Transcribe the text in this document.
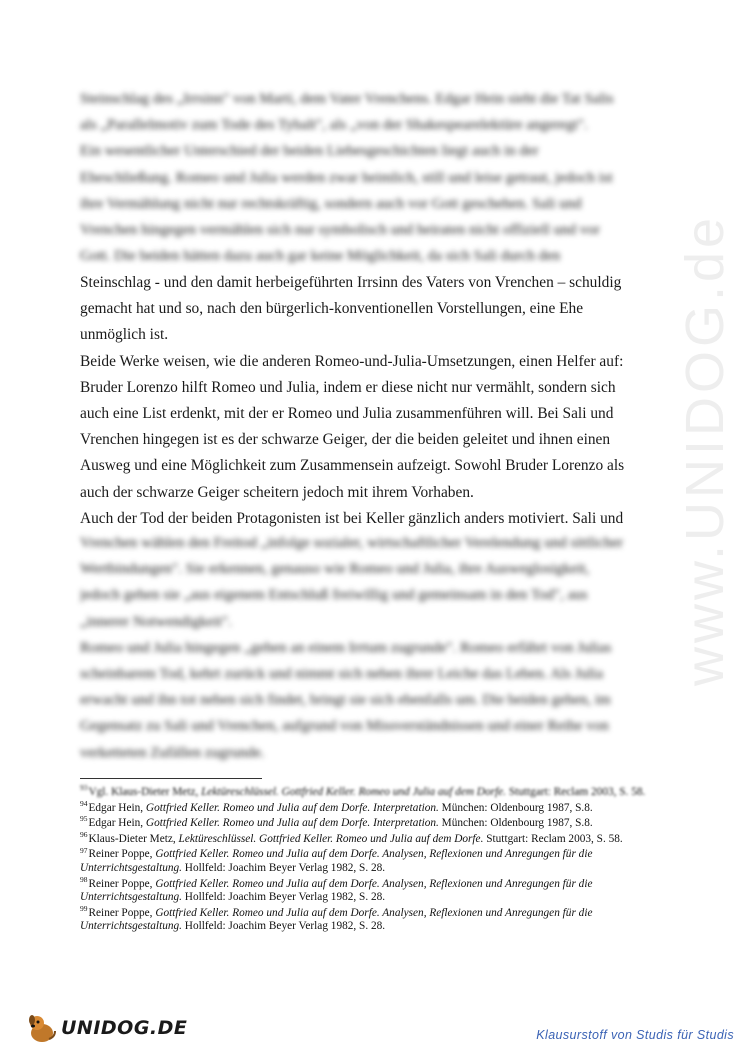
www.UNIDOG.de
Steinschlag des „Irrsinn" von Marti, dem Vater Vrenchens. Edgar Hein sieht die Tat Salis
als „Parallelmotiv zum Tode des Tybalt", als „von der Shakespearelektüre angeregt".
Ein wesentlicher Unterschied der beiden Liebesgeschichten liegt auch in der
Eheschließung. Romeo und Julia werden zwar heimlich, still und leise getraut, jedoch ist
ihre Vermählung nicht nur rechtskräftig, sondern auch vor Gott geschehen. Sali und
Vrenchen hingegen vermählen sich nur symbolisch und heiraten nicht offiziell und vor
Gott. Die beiden hätten dazu auch gar keine Möglichkeit, da sich Sali durch den
Steinschlag - und den damit herbeigeführten Irrsinn des Vaters von Vrenchen – schuldig
gemacht hat und so, nach den bürgerlich-konventionellen Vorstellungen, eine Ehe
unmöglich ist.
Beide Werke weisen, wie die anderen Romeo-und-Julia-Umsetzungen, einen Helfer auf:
Bruder Lorenzo hilft Romeo und Julia, indem er diese nicht nur vermählt, sondern sich
auch eine List erdenkt, mit der er Romeo und Julia zusammenführen will. Bei Sali und
Vrenchen hingegen ist es der schwarze Geiger, der die beiden geleitet und ihnen einen
Ausweg und eine Möglichkeit zum Zusammensein aufzeigt. Sowohl Bruder Lorenzo als
auch der schwarze Geiger scheitern jedoch mit ihrem Vorhaben.
Auch der Tod der beiden Protagonisten ist bei Keller gänzlich anders motiviert. Sali und
Vrenchen wählen den Freitod „infolge sozialer, wirtschaftlicher Verelendung und sittlicher
Wertbindungen". Sie erkennen, genauso wie Romeo und Julia, ihre Ausweglosigkeit,
jedoch gehen sie „aus eigenem Entschluß freiwillig und gemeinsam in den Tod", aus
„innerer Notwendigkeit".
Romeo und Julia hingegen „gehen an einem Irrtum zugrunde". Romeo erfährt von Julias
scheinbarem Tod, kehrt zurück und nimmt sich neben ihrer Leiche das Leben. Als Julia
erwacht und ihn tot neben sich findet, bringt sie sich ebenfalls um. Die beiden gehen, im
Gegensatz zu Sali und Vrenchen, aufgrund von Missverständnissen und einer Reihe von
verketteten Zufällen zugrunde.
$^{93}$Vgl. Klaus-Dieter Metz, Lektüreschlüssel. Gottfried Keller. Romeo und Julia auf dem Dorfe. Stuttgart: Reclam 2003, S. 58.
$^{94}$Edgar Hein, Gottfried Keller. Romeo und Julia auf dem Dorfe. Interpretation. München: Oldenbourg 1987, S.8.
$^{95}$Edgar Hein, Gottfried Keller. Romeo und Julia auf dem Dorfe. Interpretation. München: Oldenbourg 1987, S.8.
$^{96}$Klaus-Dieter Metz, Lektüreschlüssel. Gottfried Keller. Romeo und Julia auf dem Dorfe. Stuttgart: Reclam 2003, S. 58.
$^{97}$Reiner Poppe, Gottfried Keller. Romeo und Julia auf dem Dorfe. Analysen, Reflexionen und Anregungen für die Unterrichtsgestaltung. Hollfeld: Joachim Beyer Verlag 1982, S. 28.
$^{98}$Reiner Poppe, Gottfried Keller. Romeo und Julia auf dem Dorfe. Analysen, Reflexionen und Anregungen für die Unterrichtsgestaltung. Hollfeld: Joachim Beyer Verlag 1982, S. 28.
$^{99}$Reiner Poppe, Gottfried Keller. Romeo und Julia auf dem Dorfe. Analysen, Reflexionen und Anregungen für die Unterrichtsgestaltung. Hollfeld: Joachim Beyer Verlag 1982, S. 28.
UNIDOG.DE	Klausurstoff von Studis für Studis
